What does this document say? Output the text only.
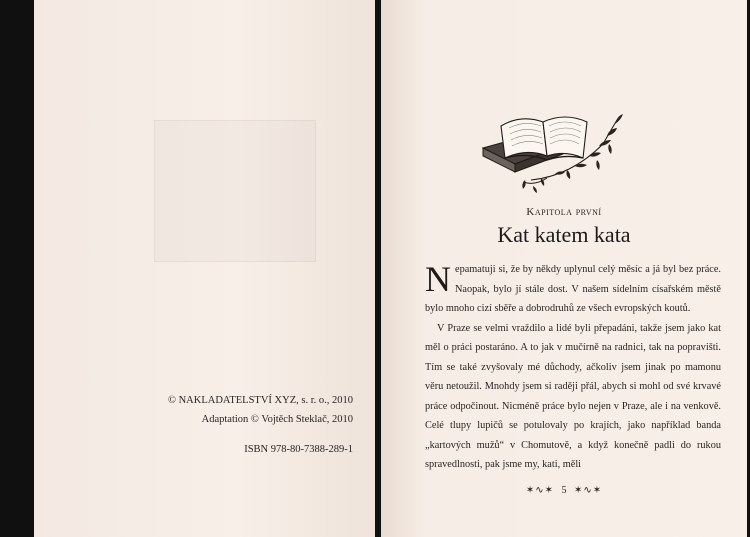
© NAKLADATELSTVÍ XYZ, s. r. o., 2010
Adaptation © Vojtěch Steklač, 2010
ISBN 978-80-7388-289-1
Kapitola první
Kat katem kata

Nepamatuji si, že by někdy uplynul celý měsíc a já byl bez práce. Naopak, bylo jí stále dost. V našem sídelním císařském městě bylo mnoho cizí sběře a dobrodruhů ze všech evropských koutů.

V Praze se velmi vraždilo a lidé byli přepadáni, takže jsem jako kat měl o práci postaráno. A to jak v mučírně na radnici, tak na popravišti. Tím se také zvyšovaly mé důchody, ačkoliv jsem jinak po mamonu věru netoužil. Mnohdy jsem si raději přál, abych si mohl od své krvavé práce odpočinout. Nicméně práce bylo nejen v Praze, ale i na venkově. Celé tlupy lupičů se potulovaly po krajích, jako například banda „kartových mužů“ v Chomutově, a když konečně padli do rukou spravedlnosti, pak jsme my, kati, měli

✶∿✶ 5 ✶∿✶
